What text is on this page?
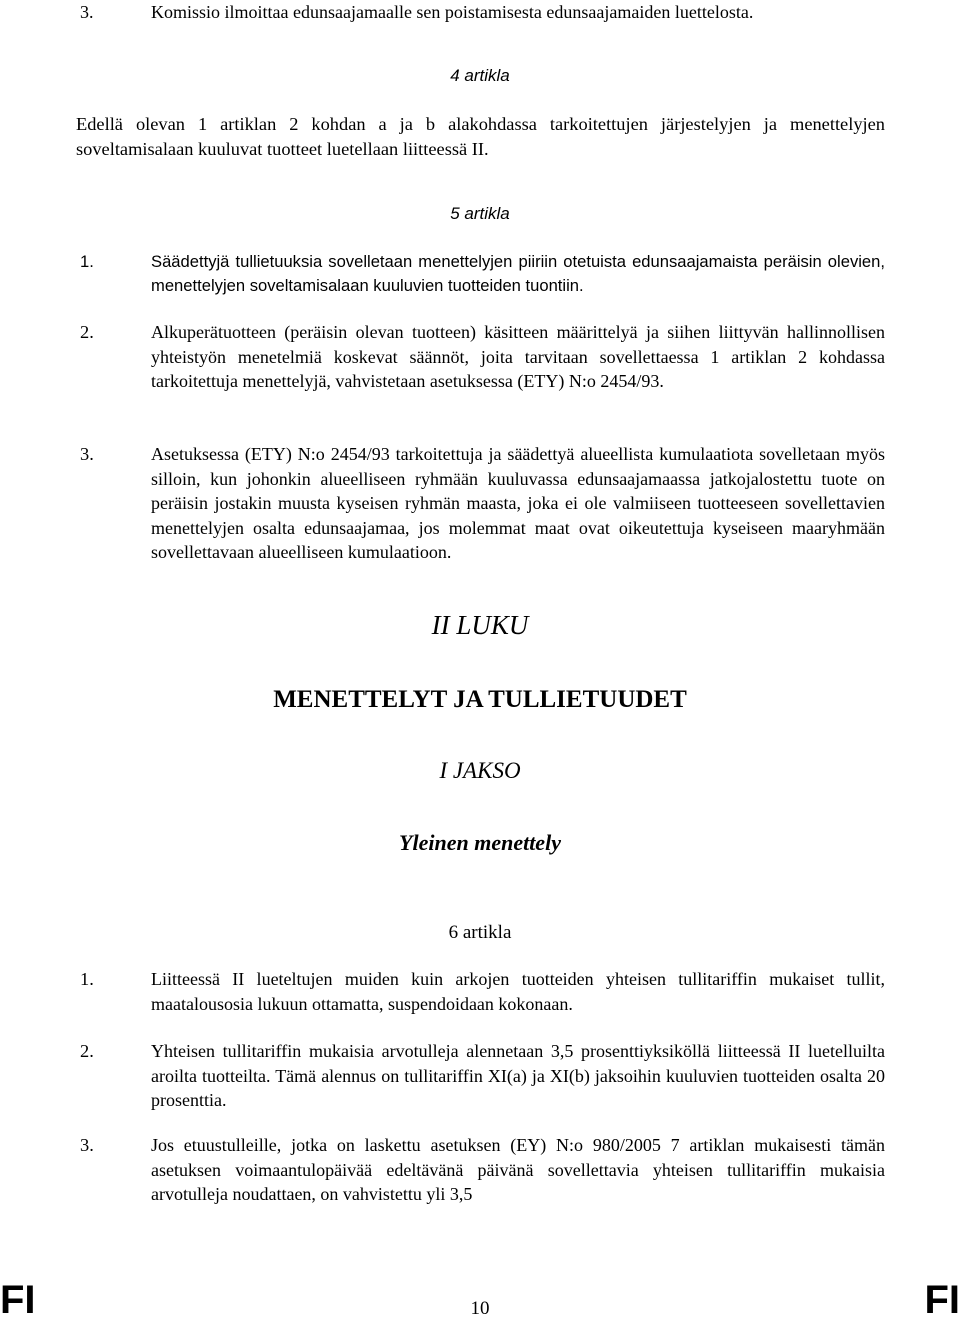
3.	Komissio ilmoittaa edunsaajamaalle sen poistamisesta edunsaajamaiden luettelosta.
4 artikla
Edellä olevan 1 artiklan 2 kohdan a ja b alakohdassa tarkoitettujen järjestelyjen ja menettelyjen soveltamisalaan kuuluvat tuotteet luetellaan liitteessä II.
5 artikla
1.	Säädettyjä tullietuuksia sovelletaan menettelyjen piiriin otetuista edunsaajamaista peräisin olevien, menettelyjen soveltamisalaan kuuluvien tuotteiden tuontiin.
2.	Alkuperätuotteen (peräisin olevan tuotteen) käsitteen määrittelyä ja siihen liittyvän hallinnollisen yhteistyön menetelmiä koskevat säännöt, joita tarvitaan sovellettaessa 1 artiklan 2 kohdassa tarkoitettuja menettelyjä, vahvistetaan asetuksessa (ETY) N:o 2454/93.
3.	Asetuksessa (ETY) N:o 2454/93 tarkoitettuja ja säädettyä alueellista kumulaatiota sovelletaan myös silloin, kun johonkin alueelliseen ryhmään kuuluvassa edunsaajamaassa jatkojalostettu tuote on peräisin jostakin muusta kyseisen ryhmän maasta, joka ei ole valmiiseen tuotteeseen sovellettavien menettelyjen osalta edunsaajamaa, jos molemmat maat ovat oikeutettuja kyseiseen maaryhmään sovellettavaan alueelliseen kumulaatioon.
II LUKU
MENETTELYT JA TULLIETUUDET
I JAKSO
Yleinen menettely
6 artikla
1.	Liitteessä II lueteltujen muiden kuin arkojen tuotteiden yhteisen tullitariffin mukaiset tullit, maatalousosia lukuun ottamatta, suspendoidaan kokonaan.
2.	Yhteisen tullitariffin mukaisia arvotulleja alennetaan 3,5 prosenttiyksiköllä liitteessä II luetelluilta aroilta tuotteilta. Tämä alennus on tullitariffin XI(a) ja XI(b) jaksoihin kuuluvien tuotteiden osalta 20 prosenttia.
3.	Jos etuustulleille, jotka on laskettu asetuksen (EY) N:o 980/2005 7 artiklan mukaisesti tämän asetuksen voimaantulopäivää edeltävänä päivänä sovellettavia yhteisen tullitariffin mukaisia arvotulleja noudattaen, on vahvistettu yli 3,5
FI	10	FI
